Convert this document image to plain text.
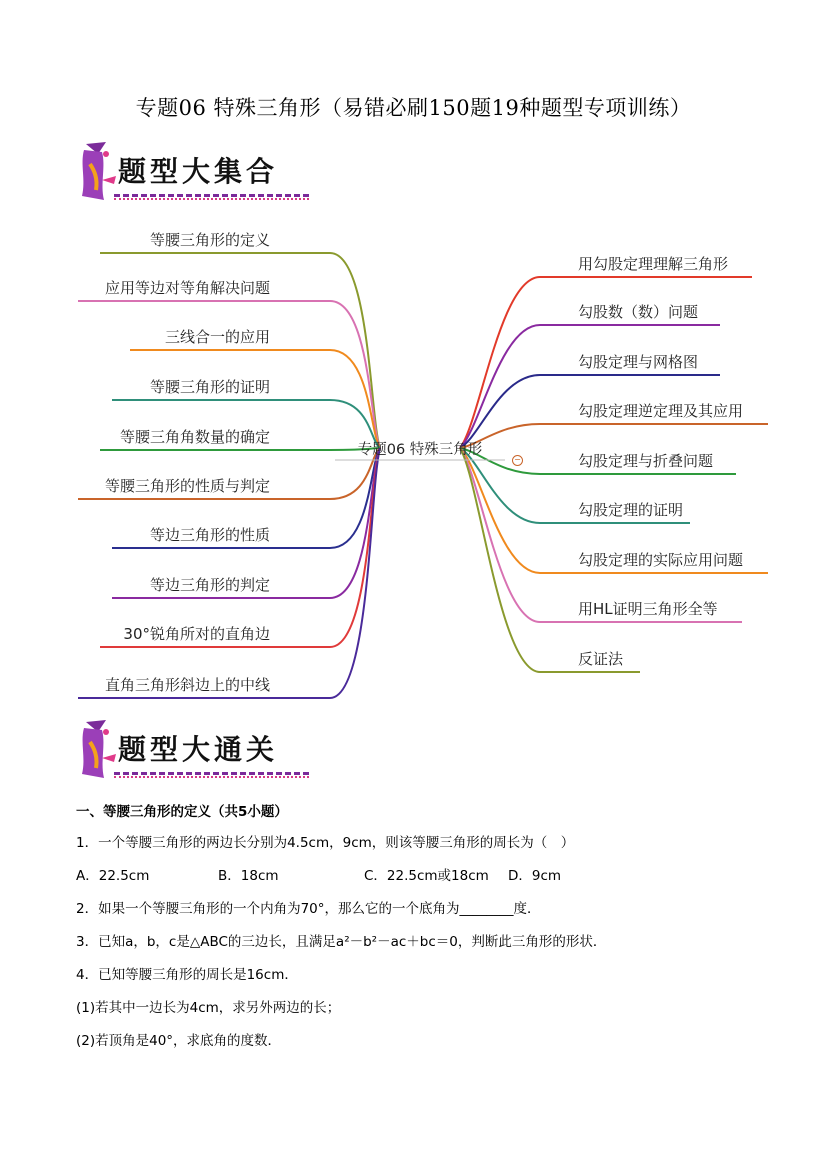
专题06 特殊三角形（易错必刷150题19种题型专项训练）
题型大集合
等腰三角形的定义
应用等边对等角解决问题
三线合一的应用
等腰三角形的证明
等腰三角角数量的确定
等腰三角形的性质与判定
等边三角形的性质
等边三角形的判定
30°锐角所对的直角边
直角三角形斜边上的中线
用勾股定理理解三角形
勾股数（数）问题
勾股定理与网格图
勾股定理逆定理及其应用
勾股定理与折叠问题
勾股定理的证明
勾股定理的实际应用问题
用HL证明三角形全等
反证法
专题06 特殊三角形
−
题型大通关
一、等腰三角形的定义（共5小题）
1．一个等腰三角形的两边长分别为4.5cm，9cm，则该等腰三角形的周长为（　）
A．22.5cm	B．18cm	C．22.5cm或18cm D．9cm
2．如果一个等腰三角形的一个内角为70°，那么它的一个底角为________度．
3．已知a，b，c是△ABC的三边长，且满足a²－b²－ac＋bc＝0，判断此三角形的形状．
4．已知等腰三角形的周长是16cm．
(1)若其中一边长为4cm，求另外两边的长；
(2)若顶角是40°，求底角的度数．
